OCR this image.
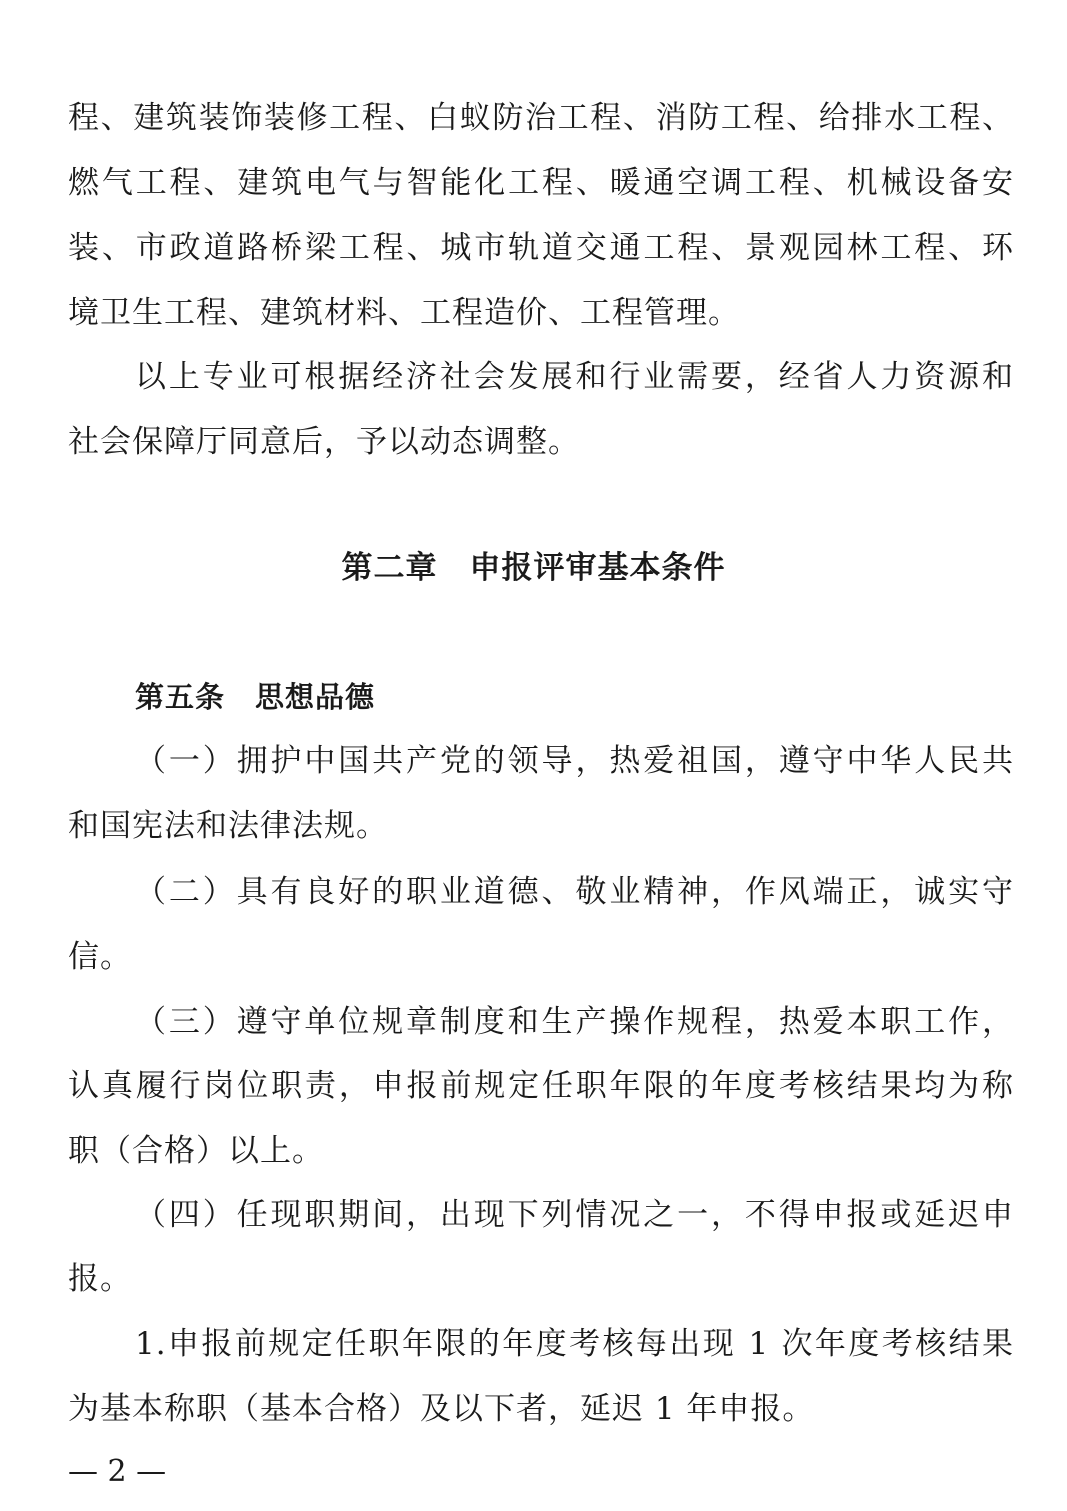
程、建筑装饰装修工程、白蚁防治工程、消防工程、给排水工程、
燃气工程、建筑电气与智能化工程、暖通空调工程、机械设备安
装、市政道路桥梁工程、城市轨道交通工程、景观园林工程、环
境卫生工程、建筑材料、工程造价、工程管理。
以上专业可根据经济社会发展和行业需要，经省人力资源和
社会保障厅同意后，予以动态调整。
第二章　申报评审基本条件
第五条　思想品德
（一）拥护中国共产党的领导，热爱祖国，遵守中华人民共
和国宪法和法律法规。
（二）具有良好的职业道德、敬业精神，作风端正，诚实守
信。
（三）遵守单位规章制度和生产操作规程，热爱本职工作，
认真履行岗位职责，申报前规定任职年限的年度考核结果均为称
职（合格）以上。
（四）任现职期间，出现下列情况之一，不得申报或延迟申
报。
1.申报前规定任职年限的年度考核每出现 1 次年度考核结果
为基本称职（基本合格）及以下者，延迟 1 年申报。
— 2 —
